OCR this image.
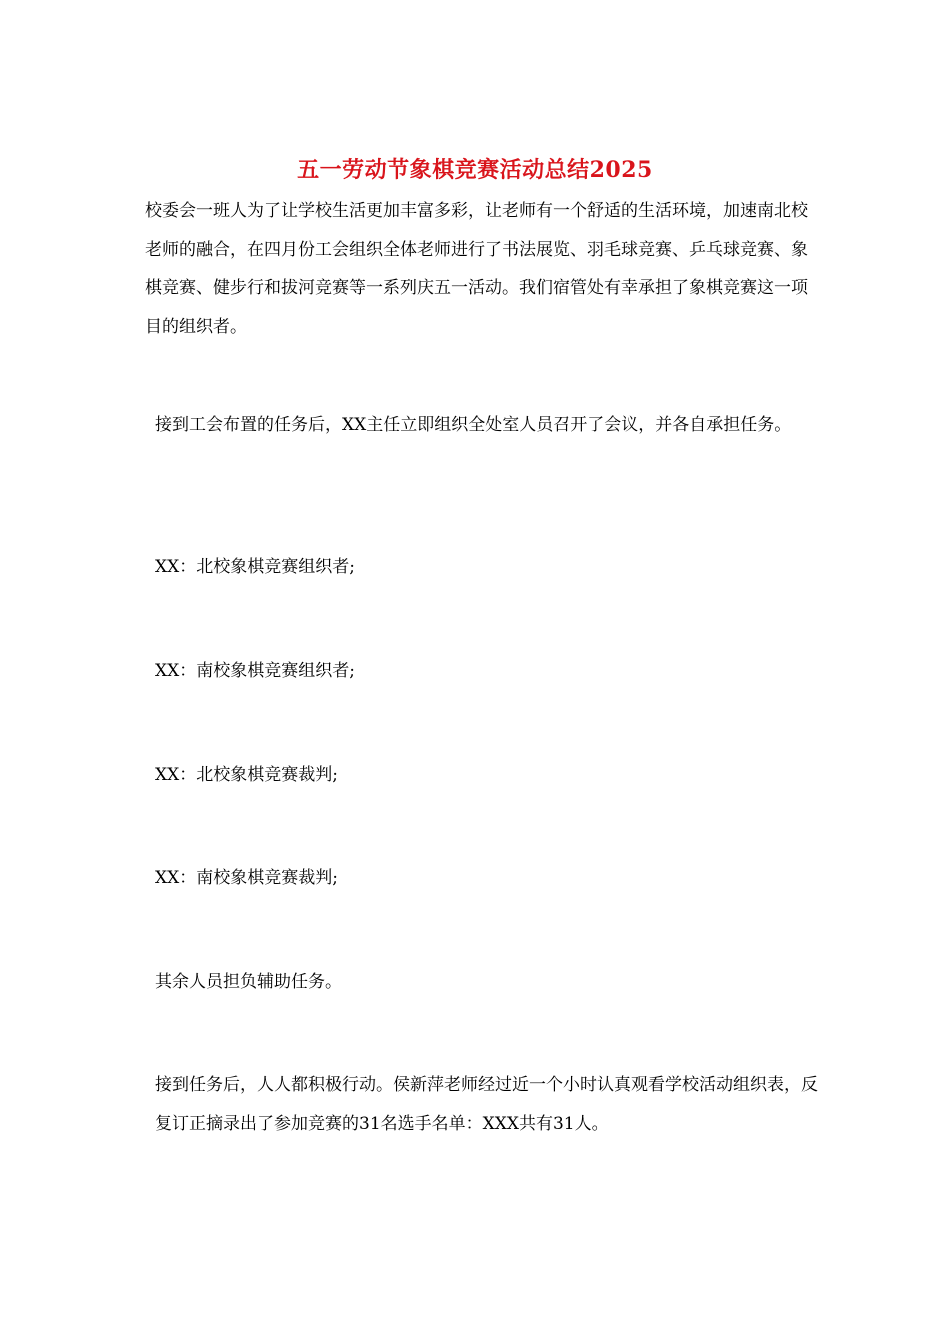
五一劳动节象棋竞赛活动总结2025

校委会一班人为了让学校生活更加丰富多彩，让老师有一个舒适的生活环境，加速南北校老师的融合，在四月份工会组织全体老师进行了书法展览、羽毛球竞赛、乒乓球竞赛、象棋竞赛、健步行和拔河竞赛等一系列庆五一活动。我们宿管处有幸承担了象棋竞赛这一项目的组织者。

接到工会布置的任务后，XX主任立即组织全处室人员召开了会议，并各自承担任务。

XX：北校象棋竞赛组织者;

XX：南校象棋竞赛组织者;

XX：北校象棋竞赛裁判;

XX：南校象棋竞赛裁判;

其余人员担负辅助任务。

接到任务后，人人都积极行动。侯新萍老师经过近一个小时认真观看学校活动组织表，反复订正摘录出了参加竞赛的31名选手名单：XXX共有31人。
